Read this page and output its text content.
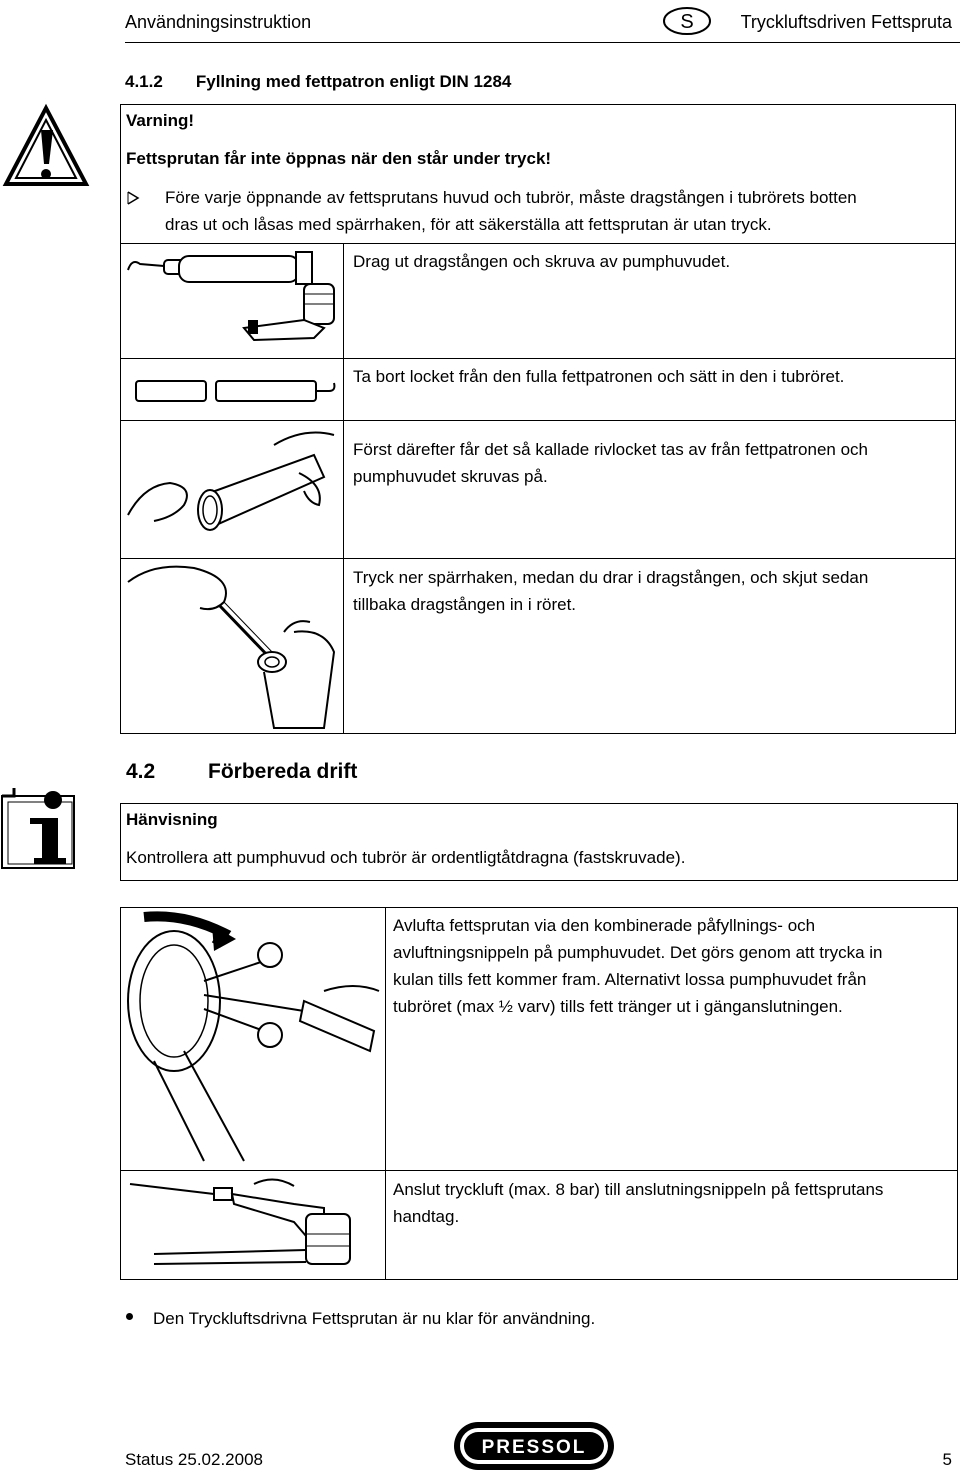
Användningsinstruktion	S	Tryckluftsdriven Fettspruta
4.1.2       Fyllning med fettpatron enligt DIN 1284
Varning!
Fettsprutan får inte öppnas när den står under tryck!
Före varje öppnande av fettsprutans huvud och tubrör, måste dragstången i tubrörets botten
dras ut och låsas med spärrhaken, för att säkerställa att fettsprutan är utan tryck.
Drag ut dragstången och skruva av pumphuvudet.
Ta bort locket från den fulla fettpatronen och sätt in den i tubröret.
Först därefter får det så kallade rivlocket tas av från fettpatronen och
pumphuvudet skruvas på.
Tryck ner spärrhaken, medan du drar i dragstången, och skjut sedan
tillbaka dragstången in i röret.
4.2	Förbereda drift
Hänvisning
Kontrollera att pumphuvud och tubrör är ordentligtåtdragna (fastskruvade).
Avlufta fettsprutan via den kombinerade påfyllnings- och
avluftningsnippeln på pumphuvudet. Det görs genom att trycka in
kulan tills fett kommer fram. Alternativt lossa pumphuvudet från
tubröret (max ½ varv) tills fett tränger ut i gänganslutningen.
Anslut tryckluft (max. 8 bar) till anslutningsnippeln på fettsprutans
handtag.
Den Tryckluftsdrivna Fettsprutan är nu klar för användning.
Status 25.02.2008
PRESSOL
5
